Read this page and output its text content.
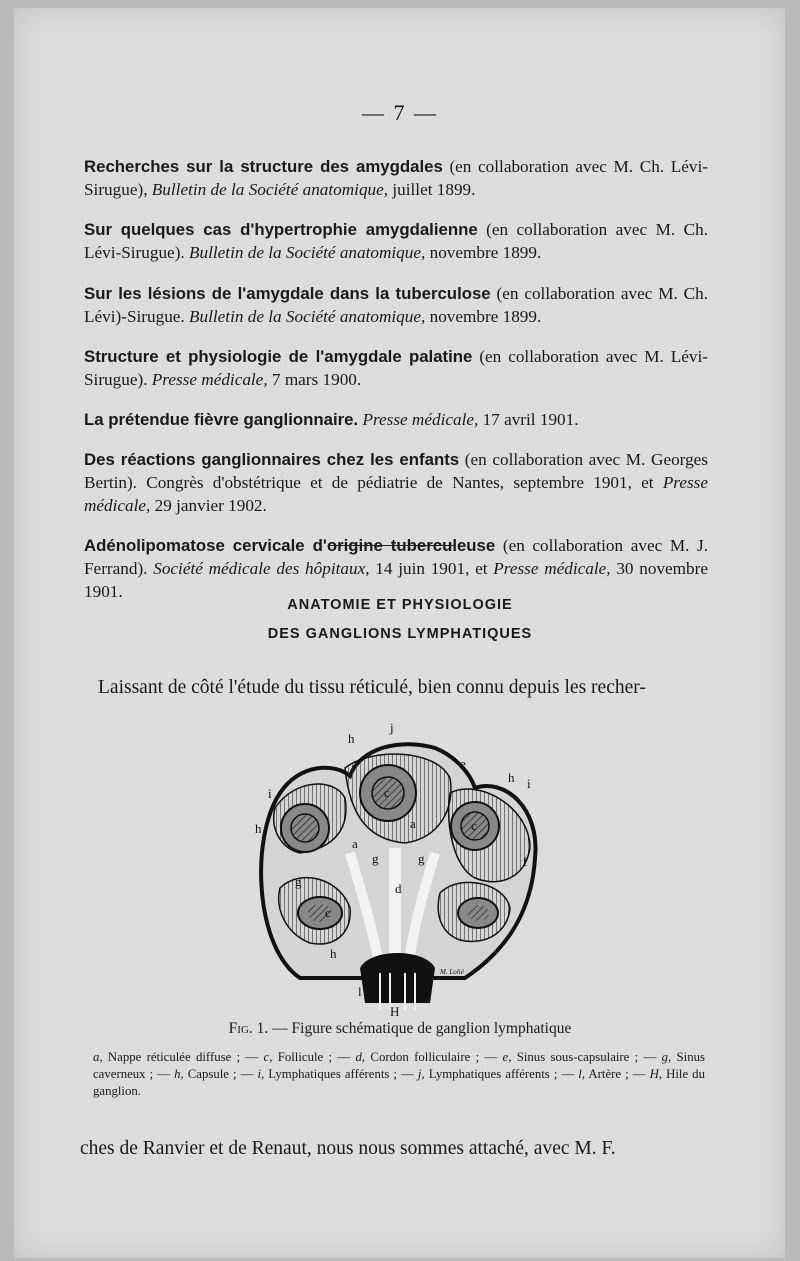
— 7 —

Recherches sur la structure des amygdales (en collaboration avec M. Ch. Lévi-Sirugue), Bulletin de la Société anatomique, juillet 1899.

Sur quelques cas d'hypertrophie amygdalienne (en collaboration avec M. Ch. Lévi-Sirugue). Bulletin de la Société anatomique, novembre 1899.

Sur les lésions de l'amygdale dans la tuberculose (en collaboration avec M. Ch. Lévi)-Sirugue. Bulletin de la Société anatomique, novembre 1899.

Structure et physiologie de l'amygdale palatine (en collaboration avec M. Lévi-Sirugue). Presse médicale, 7 mars 1900.

La prétendue fièvre ganglionnaire. Presse médicale, 17 avril 1901.

Des réactions ganglionnaires chez les enfants (en collaboration avec M. Georges Bertin). Congrès d'obstétrique et de pédiatrie de Nantes, septembre 1901, et Presse médicale, 29 janvier 1902.

Adénolipomatose cervicale d'origine tuberculeuse (en collaboration avec M. J. Ferrand). Société médicale des hôpitaux, 14 juin 1901, et Presse médicale, 30 novembre 1901.

ANATOMIE ET PHYSIOLOGIE
DES GANGLIONS LYMPHATIQUES
Laissant de côté l'étude du tissu réticulé, bien connu depuis les recher-
h
j
e
h i
i
h
c
c
a
a
g	g
d
f
g
c
h
l j
H
M. Lolié
Fig. 1. — Figure schématique de ganglion lymphatique
a, Nappe réticulée diffuse ; — c, Follicule ; — d, Cordon folliculaire ; — e, Sinus sous-capsulaire ; — g, Sinus caverneux ; — h, Capsule ; — i, Lymphatiques afférents ; — j, Lymphatiques afférents ; — l, Artère ; — H, Hile du ganglion.
ches de Ranvier et de Renaut, nous nous sommes attaché, avec M. F.
